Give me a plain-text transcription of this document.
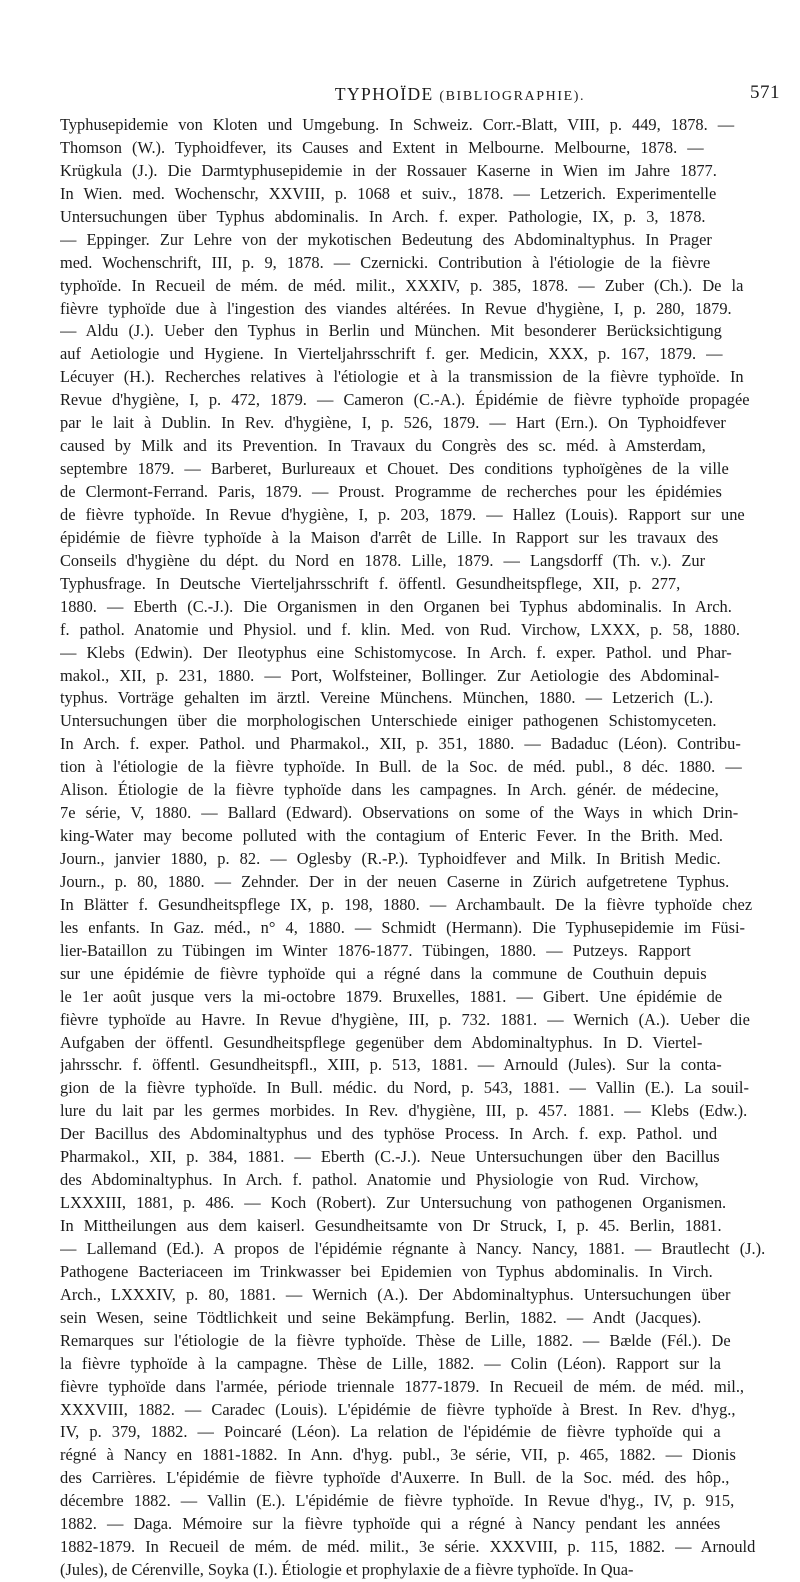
TYPHOÏDE (BIBLIOGRAPHIE).	571
Typhusepidemie von Kloten und Umgebung. In Schweiz. Corr.-Blatt, VIII, p. 449, 1878. —
Thomson (W.). Typhoidfever, its Causes and Extent in Melbourne. Melbourne, 1878. —
Krügkula (J.). Die Darmtyphusepidemie in der Rossauer Kaserne in Wien im Jahre 1877.
In Wien. med. Wochenschr, XXVIII, p. 1068 et suiv., 1878. — Letzerich. Experimentelle
Untersuchungen über Typhus abdominalis. In Arch. f. exper. Pathologie, IX, p. 3, 1878.
— Eppinger. Zur Lehre von der mykotischen Bedeutung des Abdominaltyphus. In Prager
med. Wochenschrift, III, p. 9, 1878. — Czernicki. Contribution à l'étiologie de la fièvre
typhoïde. In Recueil de mém. de méd. milit., XXXIV, p. 385, 1878. — Zuber (Ch.). De la
fièvre typhoïde due à l'ingestion des viandes altérées. In Revue d'hygiène, I, p. 280, 1879.
— Aldu (J.). Ueber den Typhus in Berlin und München. Mit besonderer Berücksichtigung
auf Aetiologie und Hygiene. In Vierteljahrsschrift f. ger. Medicin, XXX, p. 167, 1879. —
Lécuyer (H.). Recherches relatives à l'étiologie et à la transmission de la fièvre typhoïde. In
Revue d'hygiène, I, p. 472, 1879. — Cameron (C.-A.). Épidémie de fièvre typhoïde propagée
par le lait à Dublin. In Rev. d'hygiène, I, p. 526, 1879. — Hart (Ern.). On Typhoidfever
caused by Milk and its Prevention. In Travaux du Congrès des sc. méd. à Amsterdam,
septembre 1879. — Barberet, Burlureaux et Chouet. Des conditions typhoïgènes de la ville
de Clermont-Ferrand. Paris, 1879. — Proust. Programme de recherches pour les épidémies
de fièvre typhoïde. In Revue d'hygiène, I, p. 203, 1879. — Hallez (Louis). Rapport sur une
épidémie de fièvre typhoïde à la Maison d'arrêt de Lille. In Rapport sur les travaux des
Conseils d'hygiène du dépt. du Nord en 1878. Lille, 1879. — Langsdorff (Th. v.). Zur
Typhusfrage. In Deutsche Vierteljahrsschrift f. öffentl. Gesundheitspflege, XII, p. 277,
1880. — Eberth (C.-J.). Die Organismen in den Organen bei Typhus abdominalis. In Arch.
f. pathol. Anatomie und Physiol. und f. klin. Med. von Rud. Virchow, LXXX, p. 58, 1880.
— Klebs (Edwin). Der Ileotyphus eine Schistomycose. In Arch. f. exper. Pathol. und Phar-
makol., XII, p. 231, 1880. — Port, Wolfsteiner, Bollinger. Zur Aetiologie des Abdominal-
typhus. Vorträge gehalten im ärztl. Vereine Münchens. München, 1880. — Letzerich (L.).
Untersuchungen über die morphologischen Unterschiede einiger pathogenen Schistomyceten.
In Arch. f. exper. Pathol. und Pharmakol., XII, p. 351, 1880. — Badaduc (Léon). Contribu-
tion à l'étiologie de la fièvre typhoïde. In Bull. de la Soc. de méd. publ., 8 déc. 1880. —
Alison. Étiologie de la fièvre typhoïde dans les campagnes. In Arch. génér. de médecine,
7e série, V, 1880. — Ballard (Edward). Observations on some of the Ways in which Drin-
king-Water may become polluted with the contagium of Enteric Fever. In the Brith. Med.
Journ., janvier 1880, p. 82. — Oglesby (R.-P.). Typhoidfever and Milk. In British Medic.
Journ., p. 80, 1880. — Zehnder. Der in der neuen Caserne in Zürich aufgetretene Typhus.
In Blätter f. Gesundheitspflege IX, p. 198, 1880. — Archambault. De la fièvre typhoïde chez
les enfants. In Gaz. méd., n° 4, 1880. — Schmidt (Hermann). Die Typhusepidemie im Füsi-
lier-Bataillon zu Tübingen im Winter 1876-1877. Tübingen, 1880. — Putzeys. Rapport
sur une épidémie de fièvre typhoïde qui a régné dans la commune de Couthuin depuis
le 1er août jusque vers la mi-octobre 1879. Bruxelles, 1881. — Gibert. Une épidémie de
fièvre typhoïde au Havre. In Revue d'hygiène, III, p. 732. 1881. — Wernich (A.). Ueber die
Aufgaben der öffentl. Gesundheitspflege gegenüber dem Abdominaltyphus. In D. Viertel-
jahrsschr. f. öffentl. Gesundheitspfl., XIII, p. 513, 1881. — Arnould (Jules). Sur la conta-
gion de la fièvre typhoïde. In Bull. médic. du Nord, p. 543, 1881. — Vallin (E.). La souil-
lure du lait par les germes morbides. In Rev. d'hygiène, III, p. 457. 1881. — Klebs (Edw.).
Der Bacillus des Abdominaltyphus und des typhöse Process. In Arch. f. exp. Pathol. und
Pharmakol., XII, p. 384, 1881. — Eberth (C.-J.). Neue Untersuchungen über den Bacillus
des Abdominaltyphus. In Arch. f. pathol. Anatomie und Physiologie von Rud. Virchow,
LXXXIII, 1881, p. 486. — Koch (Robert). Zur Untersuchung von pathogenen Organismen.
In Mittheilungen aus dem kaiserl. Gesundheitsamte von Dr Struck, I, p. 45. Berlin, 1881.
— Lallemand (Ed.). A propos de l'épidémie régnante à Nancy. Nancy, 1881. — Brautlecht (J.).
Pathogene Bacteriaceen im Trinkwasser bei Epidemien von Typhus abdominalis. In Virch.
Arch., LXXXIV, p. 80, 1881. — Wernich (A.). Der Abdominaltyphus. Untersuchungen über
sein Wesen, seine Tödtlichkeit und seine Bekämpfung. Berlin, 1882. — Andt (Jacques).
Remarques sur l'étiologie de la fièvre typhoïde. Thèse de Lille, 1882. — Bælde (Fél.). De
la fièvre typhoïde à la campagne. Thèse de Lille, 1882. — Colin (Léon). Rapport sur la
fièvre typhoïde dans l'armée, période triennale 1877-1879. In Recueil de mém. de méd. mil.,
XXXVIII, 1882. — Caradec (Louis). L'épidémie de fièvre typhoïde à Brest. In Rev. d'hyg.,
IV, p. 379, 1882. — Poincaré (Léon). La relation de l'épidémie de fièvre typhoïde qui a
régné à Nancy en 1881-1882. In Ann. d'hyg. publ., 3e série, VII, p. 465, 1882. — Dionis
des Carrières. L'épidémie de fièvre typhoïde d'Auxerre. In Bull. de la Soc. méd. des hôp.,
décembre 1882. — Vallin (E.). L'épidémie de fièvre typhoïde. In Revue d'hyg., IV, p. 915,
1882. — Daga. Mémoire sur la fièvre typhoïde qui a régné à Nancy pendant les années
1882-1879. In Recueil de mém. de méd. milit., 3e série. XXXVIII, p. 115, 1882. — Arnould
(Jules), de Cérenville, Soyka (I.). Étiologie et prophylaxie de a fièvre typhoïde. In Qua-
